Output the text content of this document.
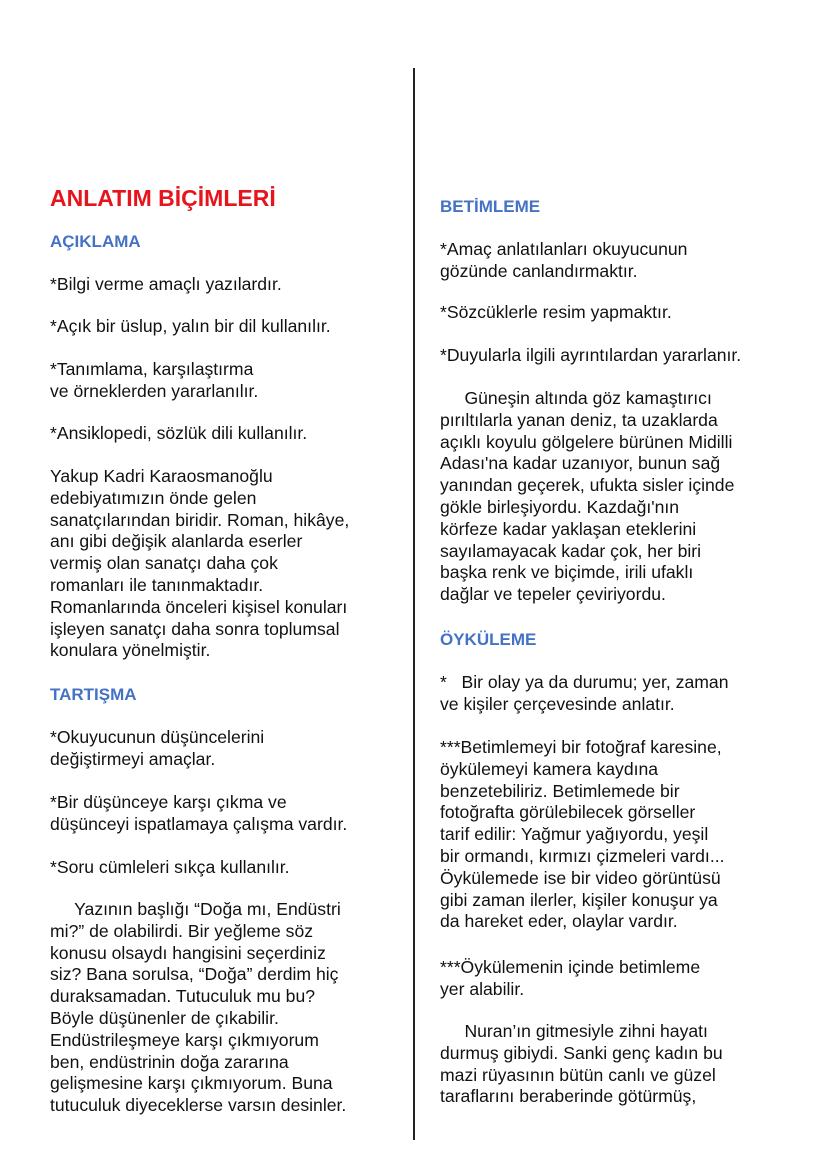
ANLATIM BİÇİMLERİ
AÇIKLAMA
*Bilgi verme amaçlı yazılardır.
*Açık bir üslup, yalın bir dil kullanılır.
*Tanımlama, karşılaştırma
ve örneklerden yararlanılır.
*Ansiklopedi, sözlük dili kullanılır.
Yakup Kadri Karaosmanoğlu
edebiyatımızın önde gelen
sanatçılarından biridir. Roman, hikâye,
anı gibi değişik alanlarda eserler
vermiş olan sanatçı daha çok
romanları ile tanınmaktadır.
Romanlarında önceleri kişisel konuları
işleyen sanatçı daha sonra toplumsal
konulara yönelmiştir.
TARTIŞMA
*Okuyucunun düşüncelerini
değiştirmeyi amaçlar.
*Bir düşünceye karşı çıkma ve
düşünceyi ispatlamaya çalışma vardır.
*Soru cümleleri sıkça kullanılır.
Yazının başlığı “Doğa mı, Endüstri
mi?” de olabilirdi. Bir yeğleme söz
konusu olsaydı hangisini seçerdiniz
siz? Bana sorulsa, “Doğa” derdim hiç
duraksamadan. Tutuculuk mu bu?
Böyle düşünenler de çıkabilir.
Endüstrileşmeye karşı çıkmıyorum
ben, endüstrinin doğa zararına
gelişmesine karşı çıkmıyorum. Buna
tutuculuk diyeceklerse varsın desinler.
BETİMLEME
*Amaç anlatılanları okuyucunun
gözünde canlandırmaktır.
*Sözcüklerle resim yapmaktır.
*Duyularla ilgili ayrıntılardan yararlanır.
Güneşin altında göz kamaştırıcı
pırıltılarla yanan deniz, ta uzaklarda
açıklı koyulu gölgelere bürünen Midilli
Adası'na kadar uzanıyor, bunun sağ
yanından geçerek, ufukta sisler içinde
gökle birleşiyordu. Kazdağı'nın
körfeze kadar yaklaşan eteklerini
sayılamayacak kadar çok, her biri
başka renk ve biçimde, irili ufaklı
dağlar ve tepeler çeviriyordu.
ÖYKÜLEME
*   Bir olay ya da durumu; yer, zaman
ve kişiler çerçevesinde anlatır.
***Betimlemeyi bir fotoğraf karesine,
öykülemeyi kamera kaydına
benzetebiliriz. Betimlemede bir
fotoğrafta görülebilecek görseller
tarif edilir: Yağmur yağıyordu, yeşil
bir ormandı, kırmızı çizmeleri vardı...
Öykülemede ise bir video görüntüsü
gibi zaman ilerler, kişiler konuşur ya
da hareket eder, olaylar vardır.
***Öykülemenin içinde betimleme
yer alabilir.
Nuran’ın gitmesiyle zihni hayatı
durmuş gibiydi. Sanki genç kadın bu
mazi rüyasının bütün canlı ve güzel
taraflarını beraberinde götürmüş,
